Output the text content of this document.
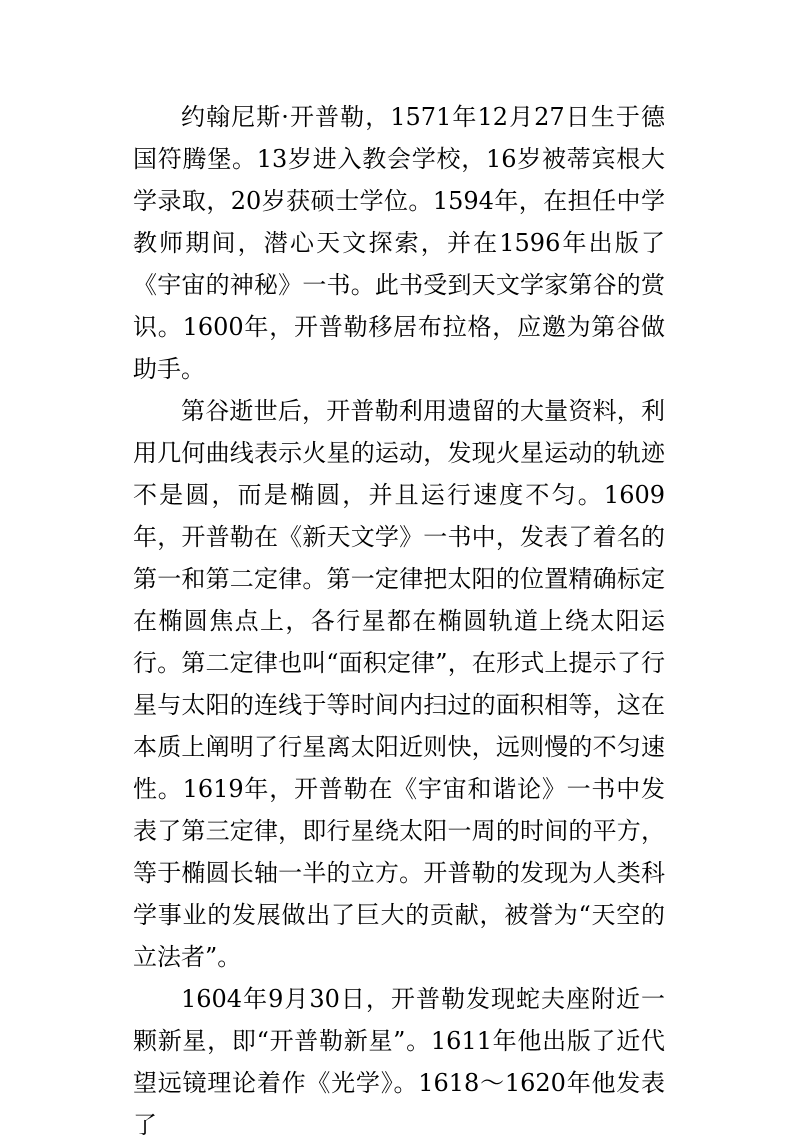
约翰尼斯·开普勒，1571年12月27日生于德国符腾堡。13岁进入教会学校，16岁被蒂宾根大学录取，20岁获硕士学位。1594年，在担任中学教师期间，潜心天文探索，并在1596年出版了《宇宙的神秘》一书。此书受到天文学家第谷的赏识。1600年，开普勒移居布拉格，应邀为第谷做助手。

第谷逝世后，开普勒利用遗留的大量资料，利用几何曲线表示火星的运动，发现火星运动的轨迹不是圆，而是椭圆，并且运行速度不匀。1609年，开普勒在《新天文学》一书中，发表了着名的第一和第二定律。第一定律把太阳的位置精确标定在椭圆焦点上，各行星都在椭圆轨道上绕太阳运行。第二定律也叫“面积定律”，在形式上提示了行星与太阳的连线于等时间内扫过的面积相等，这在本质上阐明了行星离太阳近则快，远则慢的不匀速性。1619年，开普勒在《宇宙和谐论》一书中发表了第三定律，即行星绕太阳一周的时间的平方，等于椭圆长轴一半的立方。开普勒的发现为人类科学事业的发展做出了巨大的贡献，被誉为“天空的立法者”。

1604年9月30日，开普勒发现蛇夫座附近一颗新星，即“开普勒新星”。1611年他出版了近代望远镜理论着作《光学》。1618～1620年他发表了
